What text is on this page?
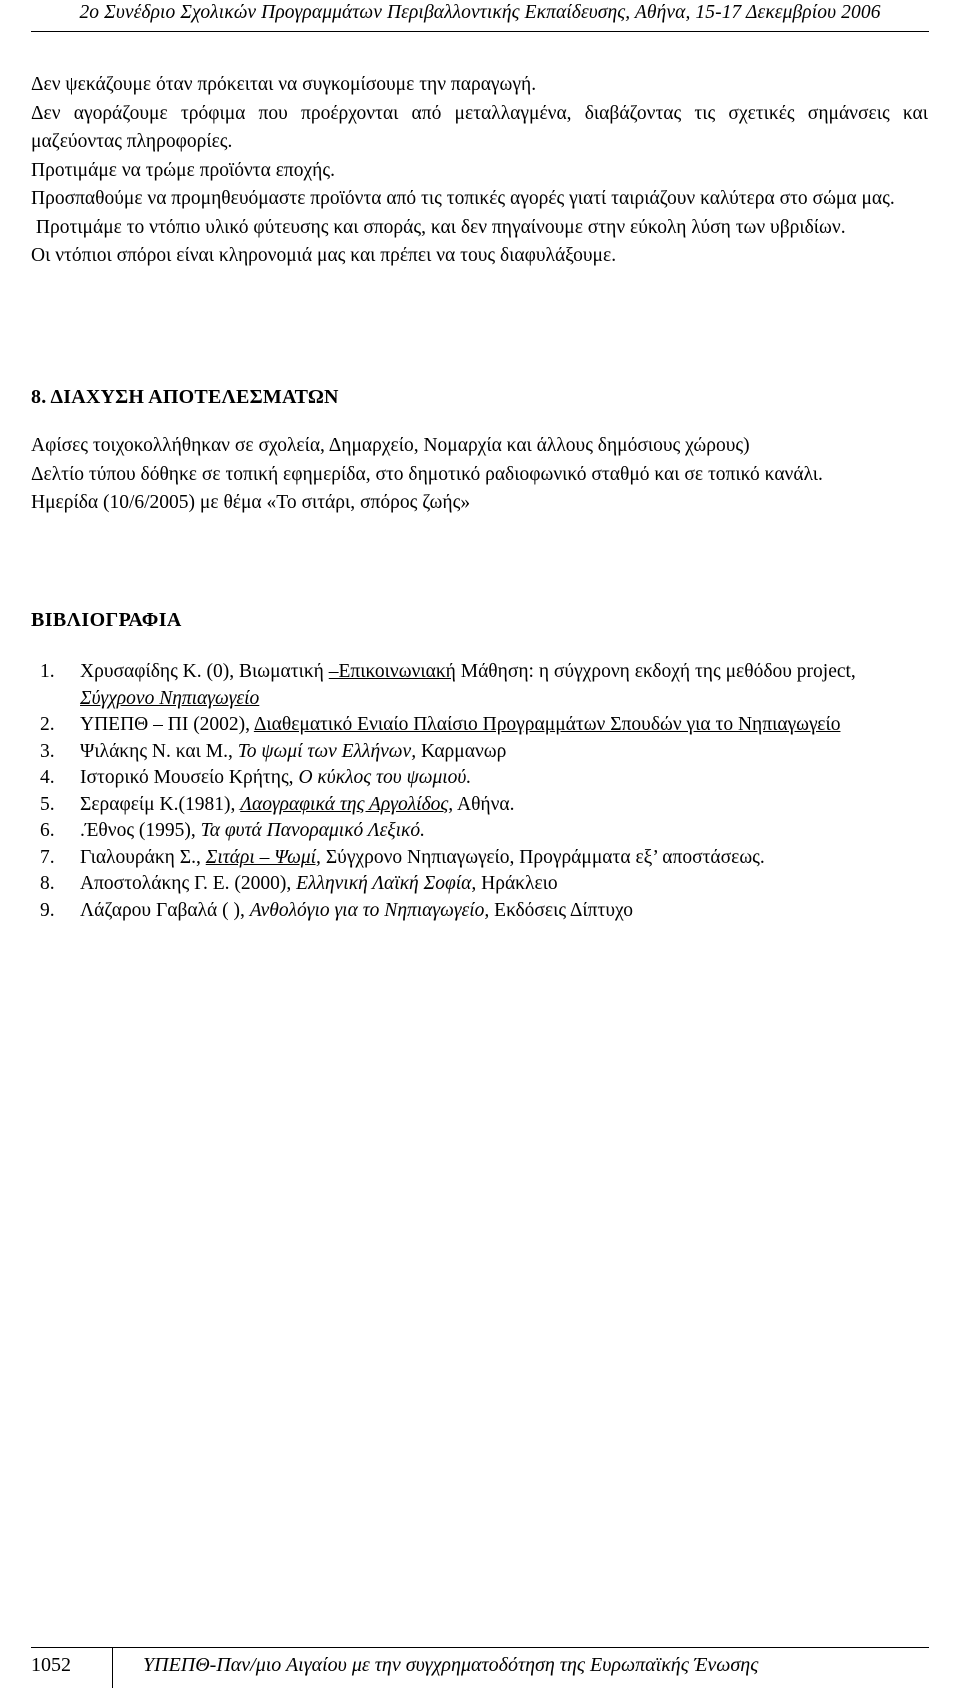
2ο Συνέδριο Σχολικών Προγραμμάτων Περιβαλλοντικής Εκπαίδευσης, Αθήνα, 15-17 Δεκεμβρίου 2006
Δεν ψεκάζουμε όταν πρόκειται να συγκομίσουμε την παραγωγή.
Δεν αγοράζουμε τρόφιμα που προέρχονται από μεταλλαγμένα, διαβάζοντας τις σχετικές σημάνσεις και μαζεύοντας πληροφορίες.
Προτιμάμε να τρώμε προϊόντα εποχής.
Προσπαθούμε να προμηθευόμαστε προϊόντα από τις τοπικές αγορές γιατί ταιριάζουν καλύτερα στο σώμα μας.
Προτιμάμε το ντόπιο υλικό φύτευσης και σποράς, και δεν πηγαίνουμε στην εύκολη λύση των υβριδίων.
Οι ντόπιοι σπόροι είναι κληρονομιά μας και πρέπει να τους διαφυλάξουμε.
8. ΔΙΑΧΥΣΗ ΑΠΟΤΕΛΕΣΜΑΤΩΝ
Αφίσες τοιχοκολλήθηκαν σε σχολεία, Δημαρχείο, Νομαρχία και άλλους δημόσιους χώρους)
Δελτίο τύπου δόθηκε σε τοπική εφημερίδα, στο δημοτικό ραδιοφωνικό σταθμό και σε τοπικό κανάλι.
Ημερίδα (10/6/2005) με θέμα «Το σιτάρι, σπόρος ζωής»
ΒΙΒΛΙΟΓΡΑΦΙΑ
1. Χρυσαφίδης Κ. (0), Βιωματική –Επικοινωνιακή Μάθηση: η σύγχρονη εκδοχή της μεθόδου project, Σύγχρονο Νηπιαγωγείο
2. ΥΠΕΠΘ – ΠΙ (2002), Διαθεματικό Ενιαίο Πλαίσιο Προγραμμάτων Σπουδών για το Νηπιαγωγείο
3. Ψιλάκης Ν. και Μ., Το ψωμί των Ελλήνων, Καρμανωρ
4. Ιστορικό Μουσείο Κρήτης, Ο κύκλος του ψωμιού.
5. Σεραφείμ Κ.(1981), Λαογραφικά της Αργολίδος, Αθήνα.
6. .Έθνος (1995), Τα φυτά Πανοραμικό Λεξικό.
7. Γιαλουράκη Σ., Σιτάρι – Ψωμί, Σύγχρονο Νηπιαγωγείο, Προγράμματα εξ’ αποστάσεως.
8. Αποστολάκης Γ. Ε. (2000), Ελληνική Λαϊκή Σοφία, Ηράκλειο
9. Λάζαρου Γαβαλά ( ), Ανθολόγιο για το Νηπιαγωγείο, Εκδόσεις Δίπτυχο
1052	ΥΠΕΠΘ-Παν/μιο Αιγαίου με την συγχρηματοδότηση της Ευρωπαϊκής Ένωσης
